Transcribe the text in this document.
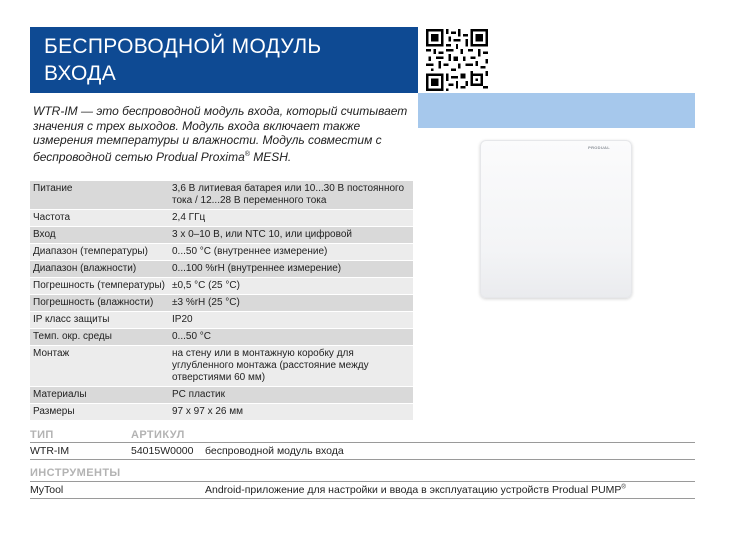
БЕСПРОВОДНОЙ МОДУЛЬ
ВХОДА
WTR-IM — это беспроводной модуль входа, который считывает значения с трех выходов. Модуль входа включает также измерения температуры и влажности. Модуль совместим с беспроводной сетью Produal Proxima® MESH.
PRODUAL
Питание	3,6 В литиевая батарея или 10...30 В постоянного тока / 12...28 В переменного тока
Частота	2,4 ГГц
Вход	3 x 0–10 В, или NTC 10, или цифровой
Диапазон (температуры)	0...50 °C (внутреннее измерение)
Диапазон (влажности)	0...100 %rH (внутреннее измерение)
Погрешность (температуры)	±0,5 °C (25 °C)
Погрешность (влажности)	±3 %rH (25 °C)
IP класс защиты	IP20
Темп. окр. среды	0...50 °C
Монтаж	на стену или в монтажную коробку для углубленного монтажа (расстояние между отверстиями 60 мм)
Материалы	PC пластик
Размеры	97 x 97 x 26 мм
ТИП	АРТИКУЛ
WTR-IM	54015W0000 беспроводной модуль входа
ИНСТРУМЕНТЫ
MyTool	Android-приложение для настройки и ввода в эксплуатацию устройств Produal PUMP®
